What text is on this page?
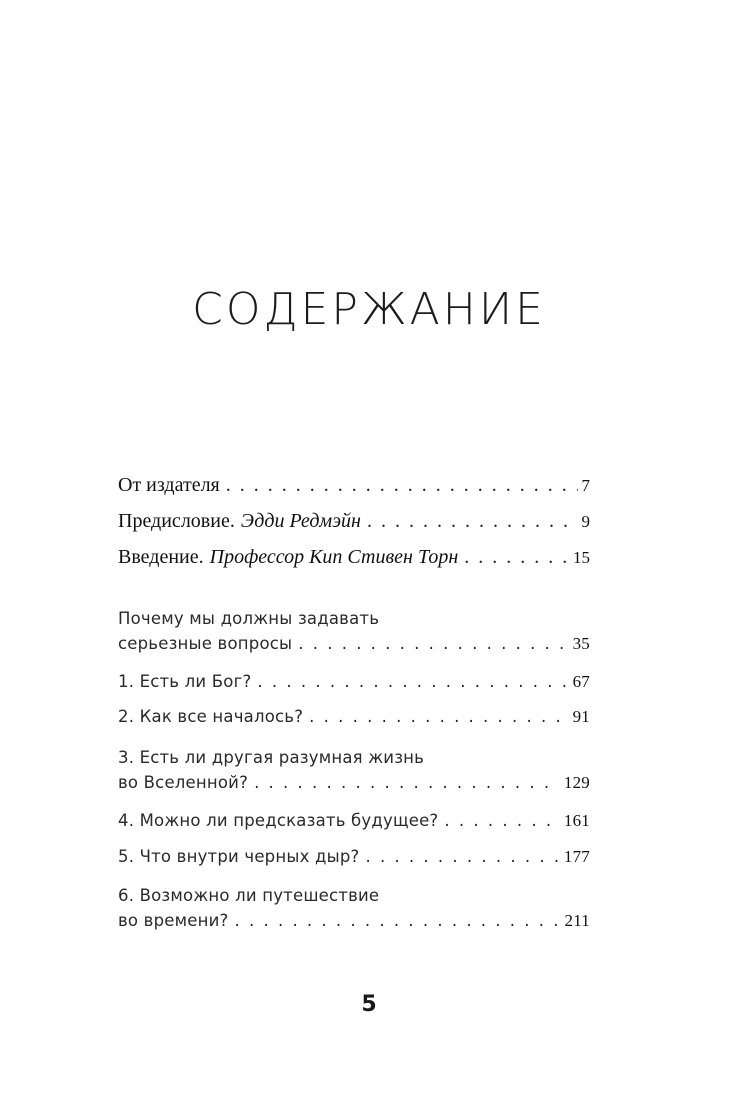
СОДЕРЖАНИЕ
От издателя . . .	7
Предисловие. Эдди Редмэйн . . .	9
Введение. Профессор Кип Стивен Торн . . .	15
Почему мы должны задавать
серьезные вопросы . . .	35
1. Есть ли Бог? . . .	67
2. Как все началось? . . .	91
3. Есть ли другая разумная жизнь
во Вселенной? . . .	129
4. Можно ли предсказать будущее? . . .	161
5. Что внутри черных дыр? . . .	177
6. Возможно ли путешествие
во времени? . . .	211
5
